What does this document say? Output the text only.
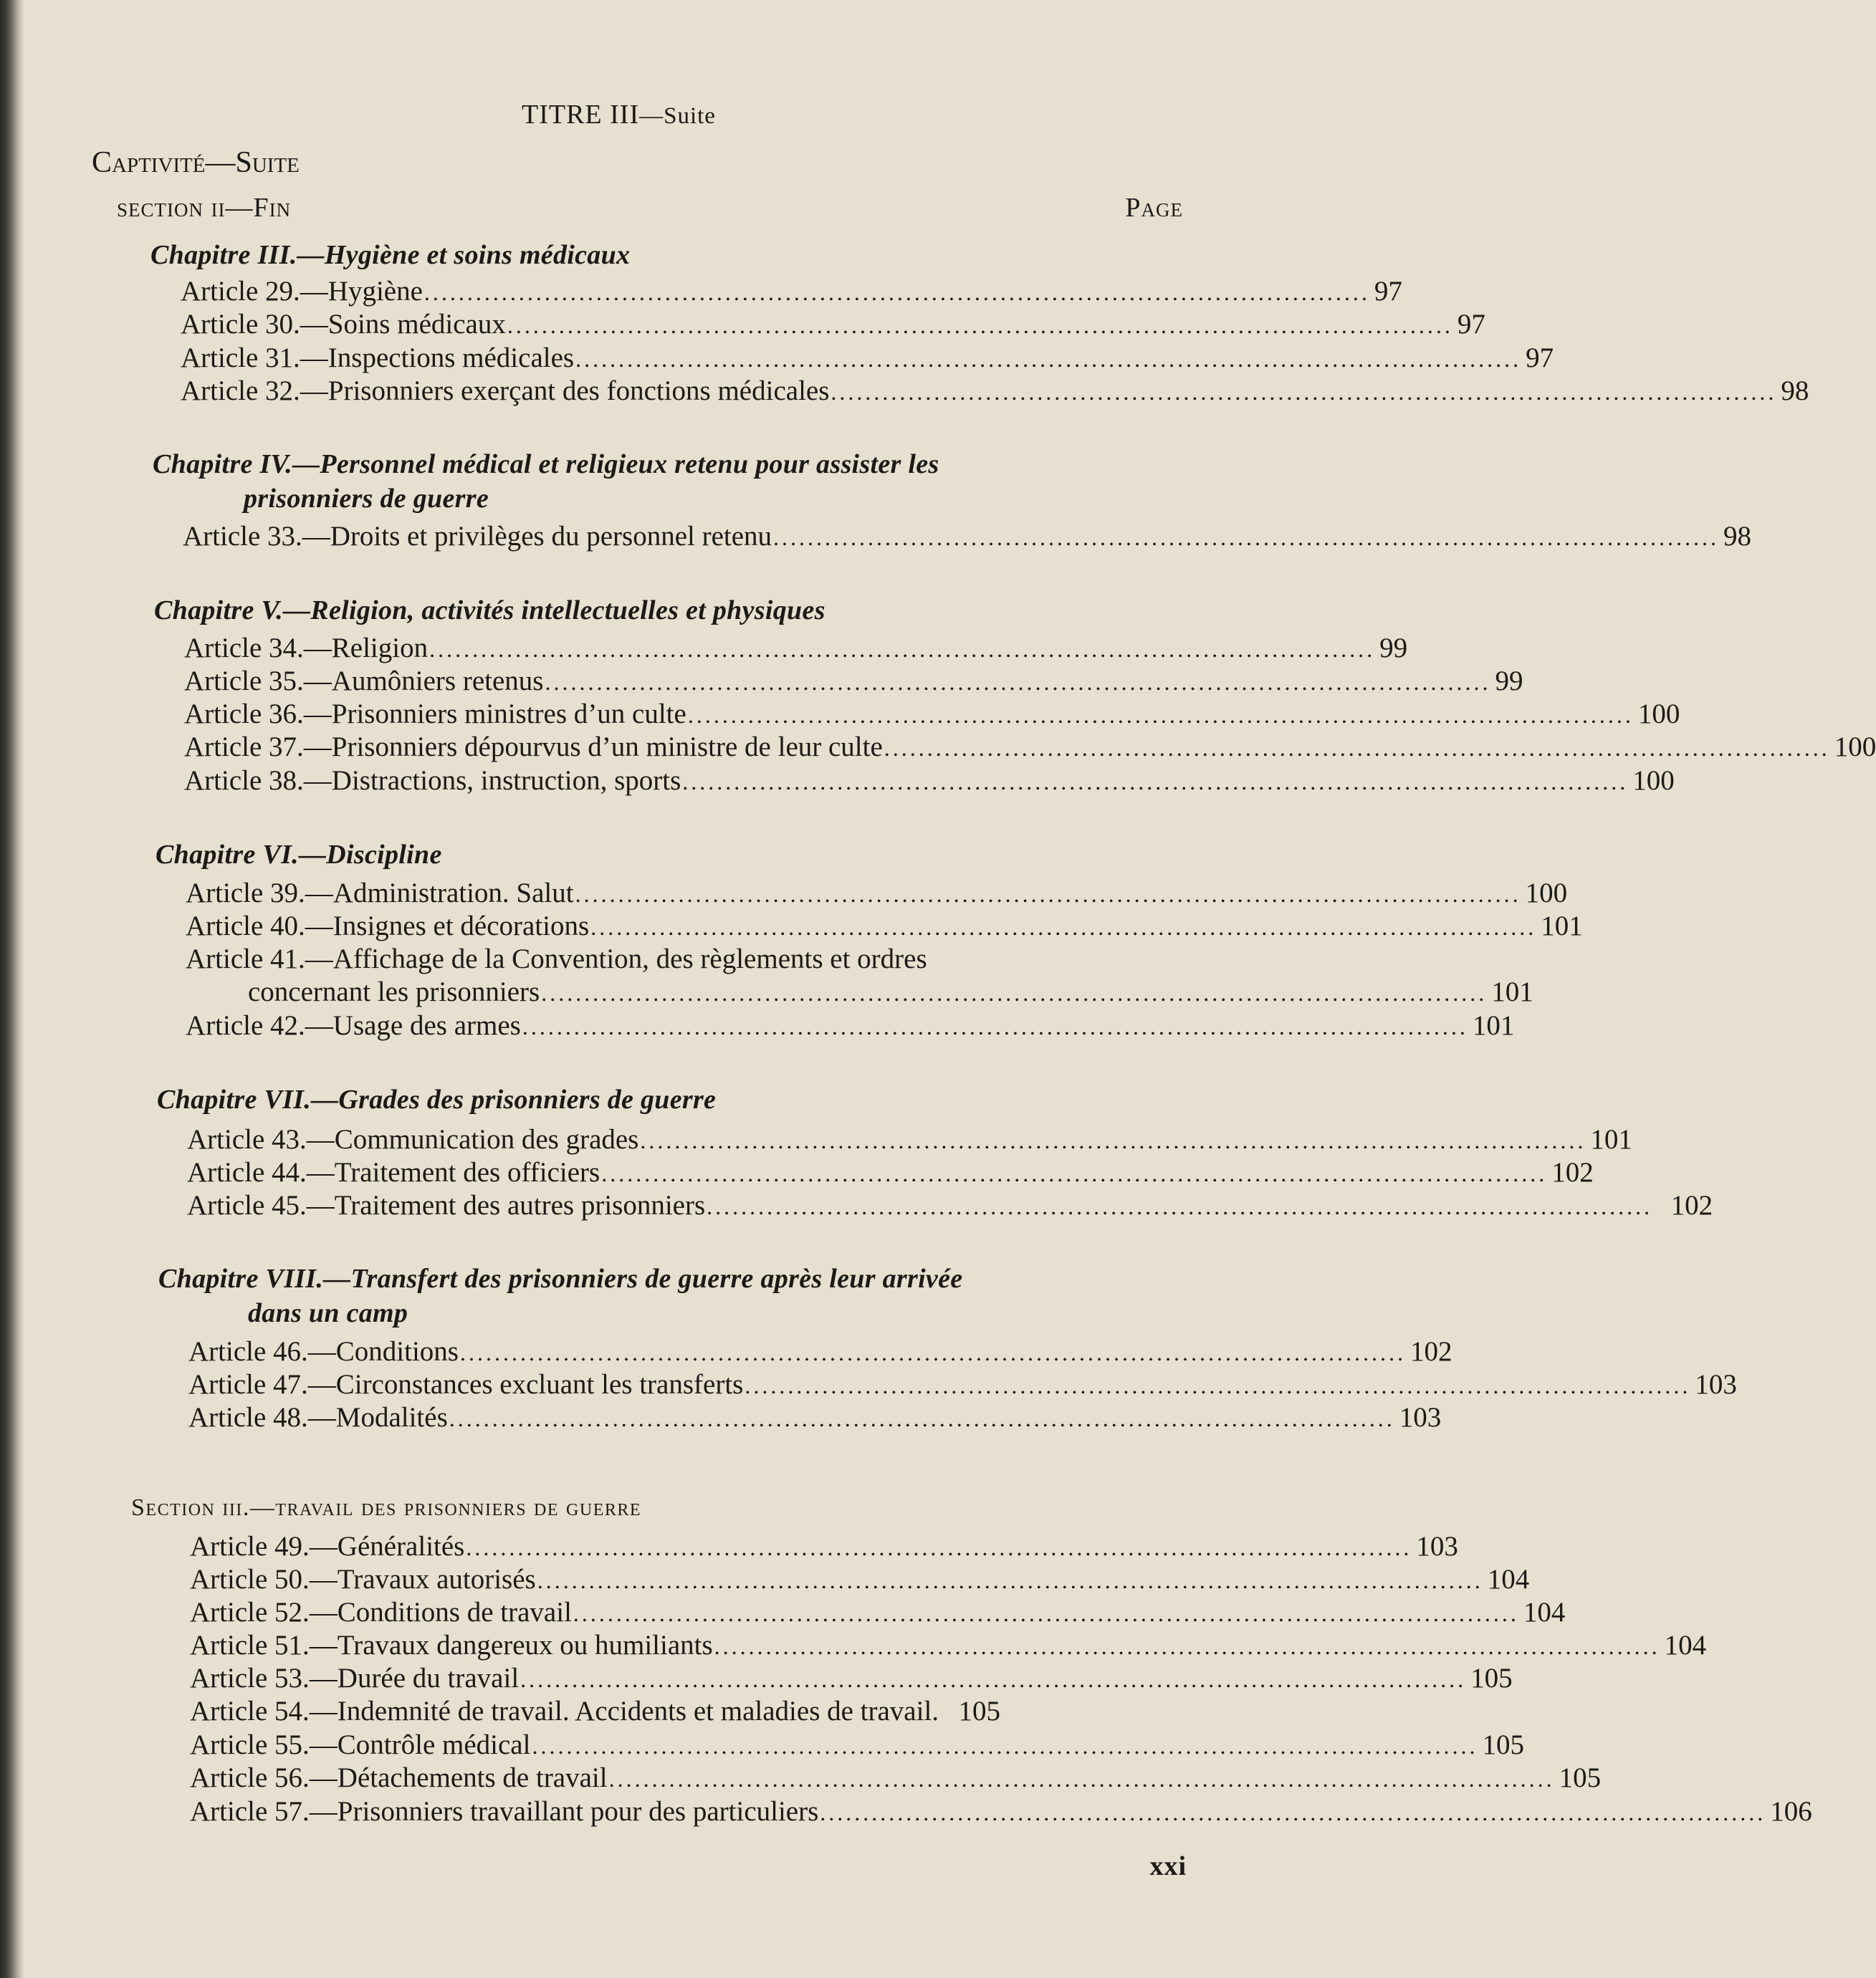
TITRE III—Suite
Captivité—Suite
section ii—Fin	Page
Chapitre III.—Hygiène et soins médicaux
Article 29.—Hygiène .............................................................................................................. 97
Article 30.—Soins médicaux .............................................................................................................. 97
Article 31.—Inspections médicales .............................................................................................................. 97
Article 32.—Prisonniers exerçant des fonctions médicales .............................................................................................................. 98
Chapitre IV.—Personnel médical et religieux retenu pour assister les
prisonniers de guerre
Article 33.—Droits et privilèges du personnel retenu .............................................................................................................. 98
Chapitre V.—Religion, activités intellectuelles et physiques
Article 34.—Religion .............................................................................................................. 99
Article 35.—Aumôniers retenus .............................................................................................................. 99
Article 36.—Prisonniers ministres d’un culte .............................................................................................................. 100
Article 37.—Prisonniers dépourvus d’un ministre de leur culte .............................................................................................................. 100
Article 38.—Distractions, instruction, sports .............................................................................................................. 100
Chapitre VI.—Discipline
Article 39.—Administration. Salut .............................................................................................................. 100
Article 40.—Insignes et décorations .............................................................................................................. 101
Article 41.—Affichage de la Convention, des règlements et ordres
concernant les prisonniers .............................................................................................................. 101
Article 42.—Usage des armes .............................................................................................................. 101
Chapitre VII.—Grades des prisonniers de guerre
Article 43.—Communication des grades .............................................................................................................. 101
Article 44.—Traitement des officiers .............................................................................................................. 102
Article 45.—Traitement des autres prisonniers .............................................................................................................. 102
Chapitre VIII.—Transfert des prisonniers de guerre après leur arrivée
dans un camp
Article 46.—Conditions .............................................................................................................. 102
Article 47.—Circonstances excluant les transferts .............................................................................................................. 103
Article 48.—Modalités .............................................................................................................. 103
Section iii.—travail des prisonniers de guerre
Article 49.—Généralités .............................................................................................................. 103
Article 50.—Travaux autorisés .............................................................................................................. 104
Article 52.—Conditions de travail .............................................................................................................. 104
Article 51.—Travaux dangereux ou humiliants .............................................................................................................. 104
Article 53.—Durée du travail .............................................................................................................. 105
Article 54.—Indemnité de travail. Accidents et maladies de travail. 105
Article 55.—Contrôle médical .............................................................................................................. 105
Article 56.—Détachements de travail .............................................................................................................. 105
Article 57.—Prisonniers travaillant pour des particuliers .............................................................................................................. 106
xxi
